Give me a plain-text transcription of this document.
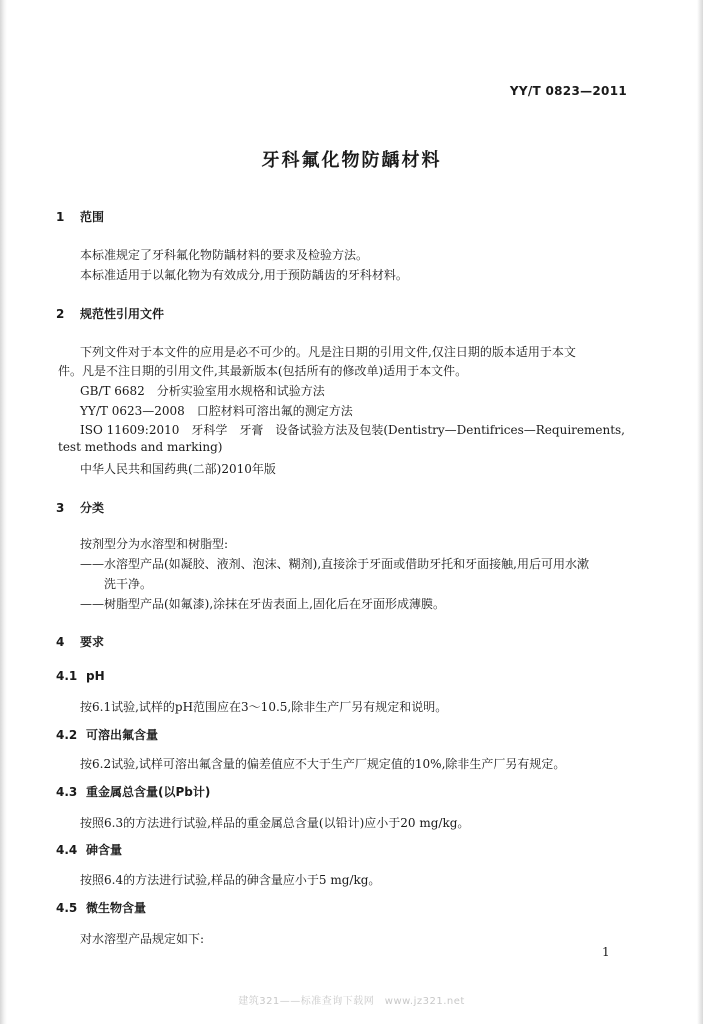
YY/T 0823—2011
牙科氟化物防龋材料
1 范围
本标准规定了牙科氟化物防龋材料的要求及检验方法。
本标准适用于以氟化物为有效成分,用于预防龋齿的牙科材料。
2 规范性引用文件
下列文件对于本文件的应用是必不可少的。凡是注日期的引用文件,仅注日期的版本适用于本文
件。凡是不注日期的引用文件,其最新版本(包括所有的修改单)适用于本文件。
GB/T 6682　分析实验室用水规格和试验方法
YY/T 0623—2008　口腔材料可溶出氟的测定方法
ISO 11609:2010　牙科学　牙膏　设备试验方法及包装(Dentistry—Dentifrices—Requirements,
test methods and marking)
中华人民共和国药典(二部)2010年版
3 分类
按剂型分为水溶型和树脂型:
——水溶型产品(如凝胶、液剂、泡沫、糊剂),直接涂于牙面或借助牙托和牙面接触,用后可用水漱
洗干净。
——树脂型产品(如氟漆),涂抹在牙齿表面上,固化后在牙面形成薄膜。
4 要求
4.1 pH
按6.1试验,试样的pH范围应在3～10.5,除非生产厂另有规定和说明。
4.2 可溶出氟含量
按6.2试验,试样可溶出氟含量的偏差值应不大于生产厂规定值的10%,除非生产厂另有规定。
4.3 重金属总含量(以Pb计)
按照6.3的方法进行试验,样品的重金属总含量(以铅计)应小于20 mg/kg。
4.4 砷含量
按照6.4的方法进行试验,样品的砷含量应小于5 mg/kg。
4.5 微生物含量
对水溶型产品规定如下:
1
建筑321——标准查询下载网　www.jz321.net
